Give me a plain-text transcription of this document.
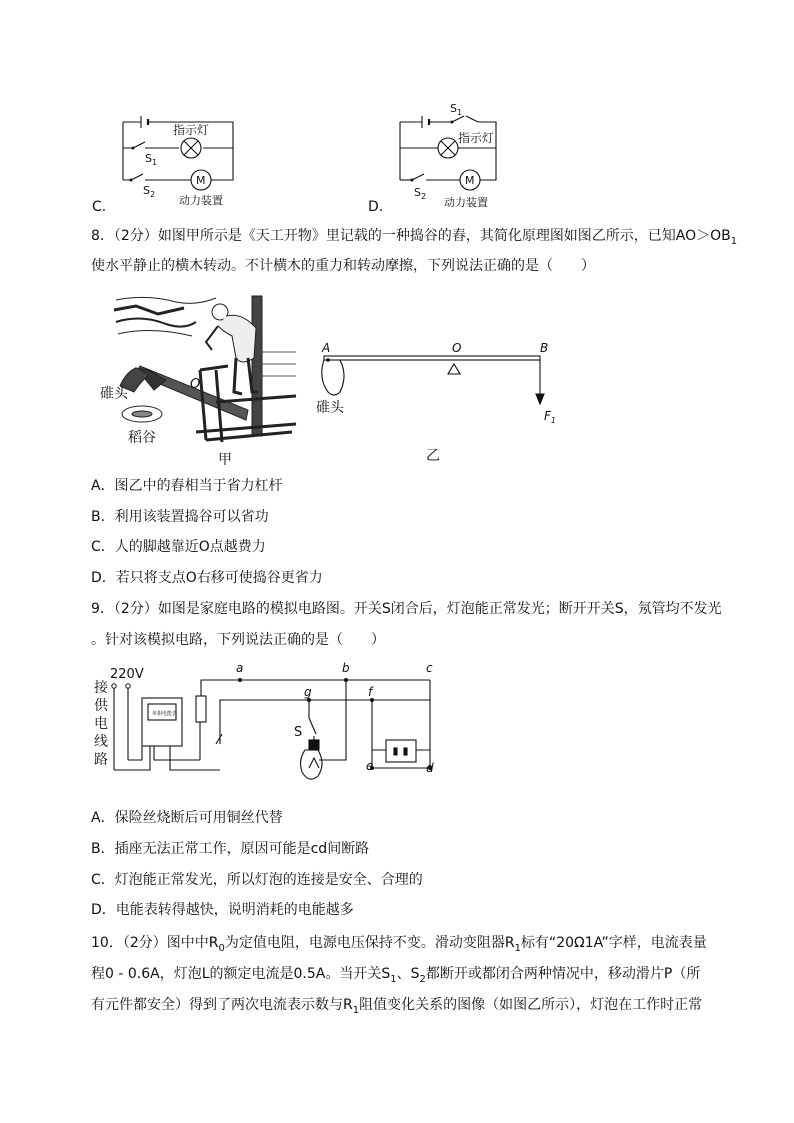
C．
指示灯
$S_1$
$S_2$
M
动力装置	D．
$S_1$
指示灯
$S_2$
M
动力装置
8．（2分）如图甲所示是《天工开物》里记载的一种捣谷的舂，其简化原理图如图乙所示，已知$AO>OB_1$
使水平静止的横木转动。不计横木的重力和转动摩擦，下列说法正确的是（　　）
碓头
稻谷
O
甲
A	O	B
$F_1$
碓头
乙
A．图乙中的舂相当于省力杠杆
B．利用该装置捣谷可以省功
C．人的脚越靠近O点越费力
D．若只将支点O右移可使捣谷更省力
9．（2分）如图是家庭电路的模拟电路图。开关S闭合后，灯泡能正常发光；断开开关S，氖管均不发光
。针对该模拟电路，下列说法正确的是（　　）
220V
接
供
电
线
路
单相电能表
a	b	c
g	f
S
e	d
A．保险丝烧断后可用铜丝代替
B．插座无法正常工作，原因可能是cd间断路
C．灯泡能正常发光，所以灯泡的连接是安全、合理的
D．电能表转得越快，说明消耗的电能越多
10．（2分）图中中$R_0$为定值电阻，电源电压保持不变。滑动变阻器$R_1$标有“20Ω1A”字样，电流表量
程0 - 0.6A，灯泡L的额定电流是0.5A。当开关$S_1$、$S_2$都断开或都闭合两种情况中，移动滑片P（所
有元件都安全）得到了两次电流表示数与$R_1$阻值变化关系的图像（如图乙所示），灯泡在工作时正常
